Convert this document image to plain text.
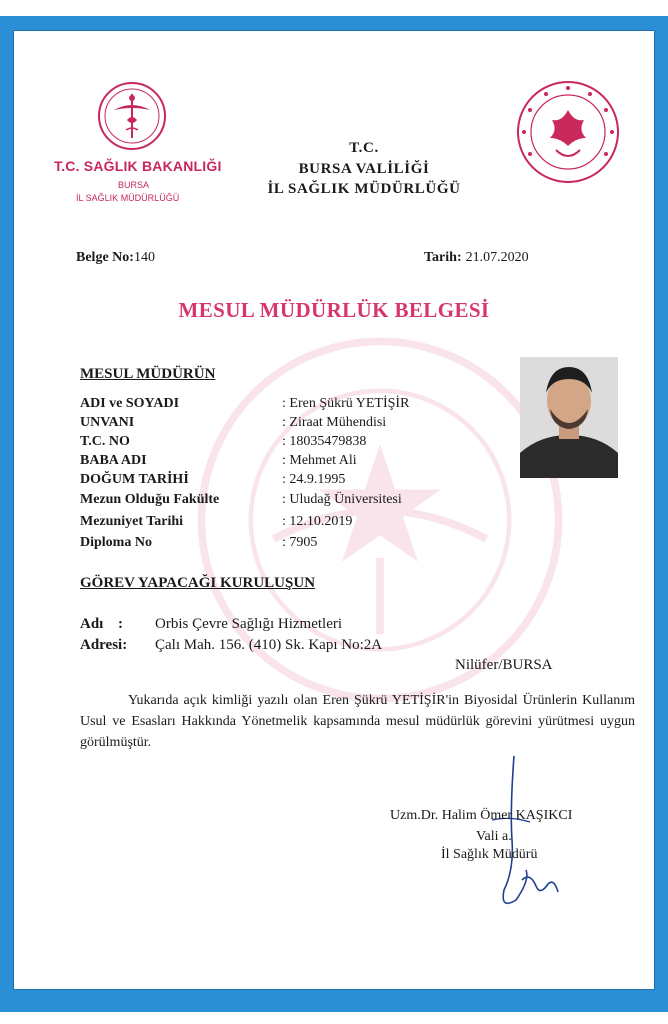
T.C. SAĞLIK BAKANLIĞI
BURSA
İL SAĞLIK MÜDÜRLÜĞÜ
T.C.
BURSA VALİLİĞİ
İL SAĞLIK MÜDÜRLÜĞÜ
Belge No:140	Tarih: 21.07.2020
MESUL MÜDÜRLÜK BELGESİ
MESUL MÜDÜRÜN
ADI ve SOYADI	: Eren Şükrü YETİŞİR
UNVANI	: Ziraat Mühendisi
T.C. NO	: 18035479838
BABA ADI	: Mehmet Ali
DOĞUM TARİHİ	: 24.9.1995
Mezun Olduğu Fakülte	: Uludağ Üniversitesi
Mezuniyet Tarihi	: 12.10.2019
Diploma No	: 7905
GÖREV YAPACAĞI KURULUŞUN
Adı : Orbis Çevre Sağlığı Hizmetleri
Adresi: Çalı Mah. 156. (410) Sk. Kapı No:2A
Nilüfer/BURSA
Yukarıda açık kimliği yazılı olan Eren Şükrü YETİŞİR'in Biyosidal Ürünlerin Kullanım Usul ve Esasları Hakkında Yönetmelik kapsamında mesul müdürlük görevini yürütmesi uygun görülmüştür.
Uzm.Dr. Halim Ömer KAŞIKCI
Vali a.
İl Sağlık Müdürü
